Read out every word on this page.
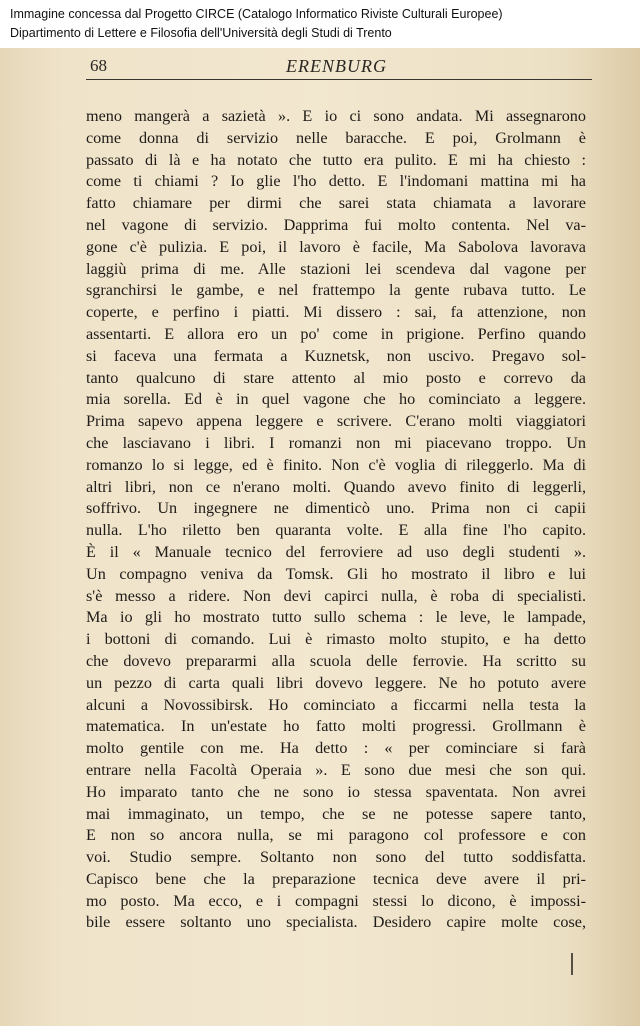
Immagine concessa dal Progetto CIRCE (Catalogo Informatico Riviste Culturali Europee)
Dipartimento di Lettere e Filosofia dell'Università degli Studi di Trento
68	ERENBURG
meno mangerà a sazietà ». E io ci sono andata. Mi assegnarono
come donna di servizio nelle baracche. E poi, Grolmann è
passato di là e ha notato che tutto era pulito. E mi ha chiesto :
come ti chiami ? Io glie l'ho detto. E l'indomani mattina mi ha
fatto chiamare per dirmi che sarei stata chiamata a lavorare
nel vagone di servizio. Dapprima fui molto contenta. Nel va-
gone c'è pulizia. E poi, il lavoro è facile, Ma Sabolova lavorava
laggiù prima di me. Alle stazioni lei scendeva dal vagone per
sgranchirsi le gambe, e nel frattempo la gente rubava tutto. Le
coperte, e perfino i piatti. Mi dissero : sai, fa attenzione, non
assentarti. E allora ero un po' come in prigione. Perfino quando
si faceva una fermata a Kuznetsk, non uscivo. Pregavo sol-
tanto qualcuno di stare attento al mio posto e correvo da
mia sorella. Ed è in quel vagone che ho cominciato a leggere.
Prima sapevo appena leggere e scrivere. C'erano molti viaggiatori
che lasciavano i libri. I romanzi non mi piacevano troppo. Un
romanzo lo si legge, ed è finito. Non c'è voglia di rileggerlo. Ma di
altri libri, non ce n'erano molti. Quando avevo finito di leggerli,
soffrivo. Un ingegnere ne dimenticò uno. Prima non ci capii
nulla. L'ho riletto ben quaranta volte. E alla fine l'ho capito.
È il « Manuale tecnico del ferroviere ad uso degli studenti ».
Un compagno veniva da Tomsk. Gli ho mostrato il libro e lui
s'è messo a ridere. Non devi capirci nulla, è roba di specialisti.
Ma io gli ho mostrato tutto sullo schema : le leve, le lampade,
i bottoni di comando. Lui è rimasto molto stupito, e ha detto
che dovevo prepararmi alla scuola delle ferrovie. Ha scritto su
un pezzo di carta quali libri dovevo leggere. Ne ho potuto avere
alcuni a Novossibirsk. Ho cominciato a ficcarmi nella testa la
matematica. In un'estate ho fatto molti progressi. Grollmann è
molto gentile con me. Ha detto : « per cominciare si farà
entrare nella Facoltà Operaia ». E sono due mesi che son qui.
Ho imparato tanto che ne sono io stessa spaventata. Non avrei
mai immaginato, un tempo, che se ne potesse sapere tanto,
E non so ancora nulla, se mi paragono col professore e con
voi. Studio sempre. Soltanto non sono del tutto soddisfatta.
Capisco bene che la preparazione tecnica deve avere il pri-
mo posto. Ma ecco, e i compagni stessi lo dicono, è impossi-
bile essere soltanto uno specialista. Desidero capire molte cose,
